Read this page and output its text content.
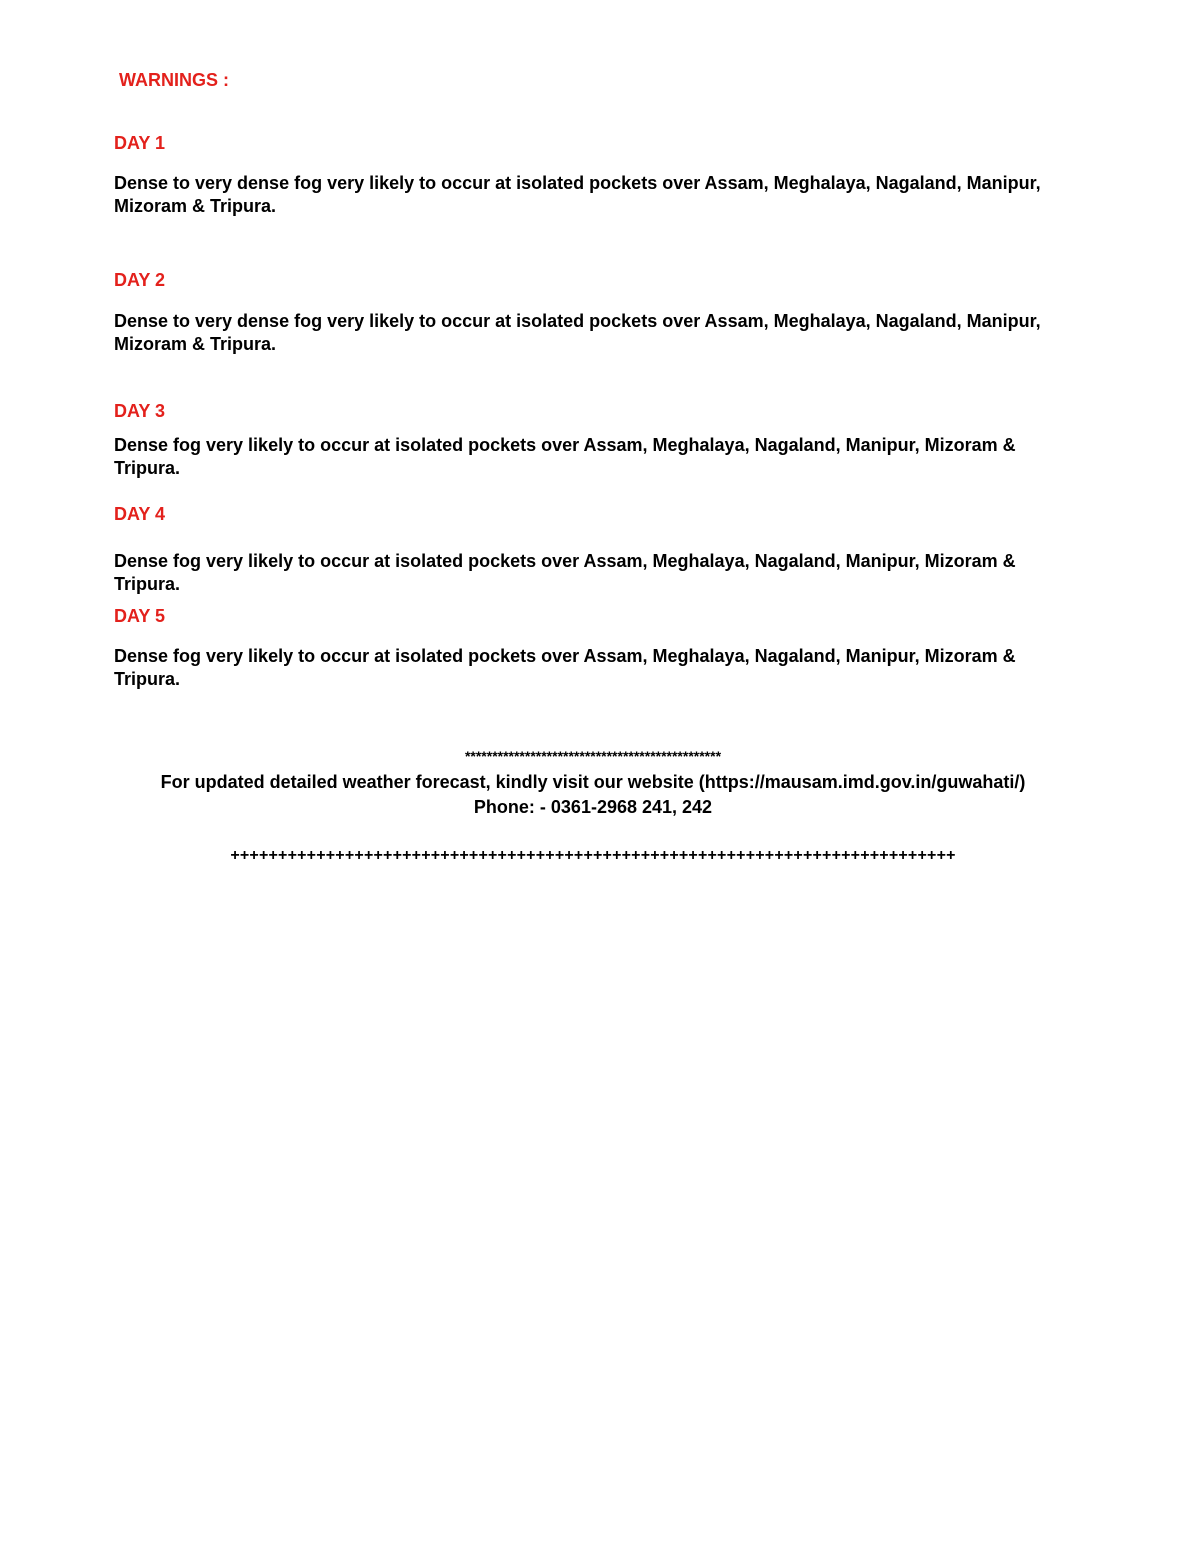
WARNINGS :

DAY 1

Dense to very dense fog very likely to occur at isolated pockets over Assam, Meghalaya, Nagaland, Manipur, Mizoram & Tripura.

DAY 2

Dense to very dense fog very likely to occur at isolated pockets over Assam, Meghalaya, Nagaland, Manipur, Mizoram & Tripura.

DAY 3

Dense fog very likely to occur at isolated pockets over Assam, Meghalaya, Nagaland, Manipur, Mizoram & Tripura.

DAY 4

Dense fog very likely to occur at isolated pockets over Assam, Meghalaya, Nagaland, Manipur, Mizoram & Tripura.

DAY 5

Dense fog very likely to occur at isolated pockets over Assam, Meghalaya, Nagaland, Manipur, Mizoram & Tripura.

***********************************************

For updated detailed weather forecast, kindly visit our website (https://mausam.imd.gov.in/guwahati/)

Phone: - 0361-2968 241, 242

++++++++++++++++++++++++++++++++++++++++++++++++++++++++++++++++++++++++++++
